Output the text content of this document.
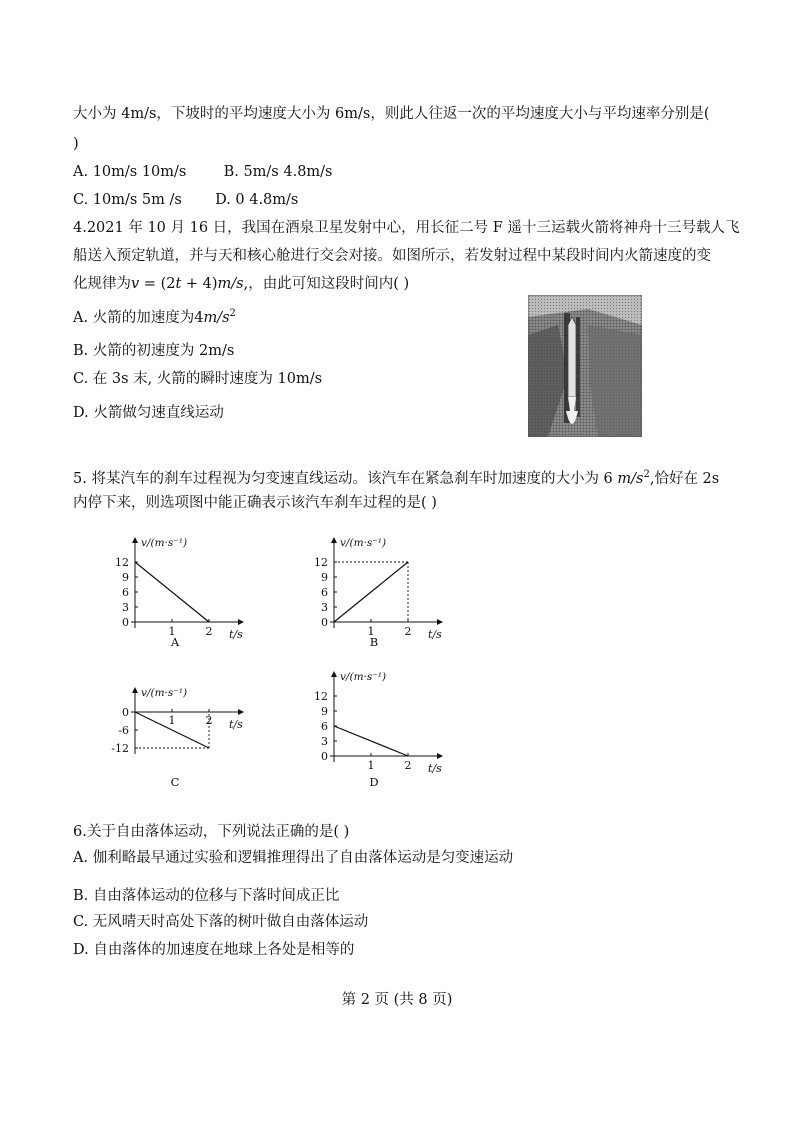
大小为 4m/s，下坡时的平均速度大小为 6m/s，则此人往返一次的平均速度大小与平均速率分别是(
)
A. 10m/s 10m/s	B. 5m/s 4.8m/s
C. 10m/s 5m /s D. 0 4.8m/s
4.2021 年 10 月 16 日，我国在酒泉卫星发射中心，用长征二号 F 遥十三运载火箭将神舟十三号载人飞
船送入预定轨道，并与天和核心舱进行交会对接。如图所示，若发射过程中某段时间内火箭速度的变
化规律为v = (2t + 4)m/s,，由此可知这段时间内( )
A. 火箭的加速度为$4m/s^2$
B. 火箭的初速度为 2m/s
C. 在 3s 末, 火箭的瞬时速度为 10m/s
D. 火箭做匀速直线运动
5. 将某汽车的刹车过程视为匀变速直线运动。该汽车在紧急刹车时加速度的大小为 6 $m/s^2$,恰好在 2s
内停下来，则选项图中能正确表示该汽车刹车过程的是( )
v/(m·s⁻¹)
t/s
0
3
6
9
12
1	2
A
v/(m·s⁻¹)
t/s
0
3
6
9
12
1	2
B
v/(m·s⁻¹)
t/s
0
-6
-12
1	2
C
v/(m·s⁻¹)
t/s
0
3
6
9
12
1	2
D
6.关于自由落体运动，下列说法正确的是( )
A. 伽利略最早通过实验和逻辑推理得出了自由落体运动是匀变速运动
B. 自由落体运动的位移与下落时间成正比
C. 无风晴天时高处下落的树叶做自由落体运动
D. 自由落体的加速度在地球上各处是相等的
第 2 页 (共 8 页)
